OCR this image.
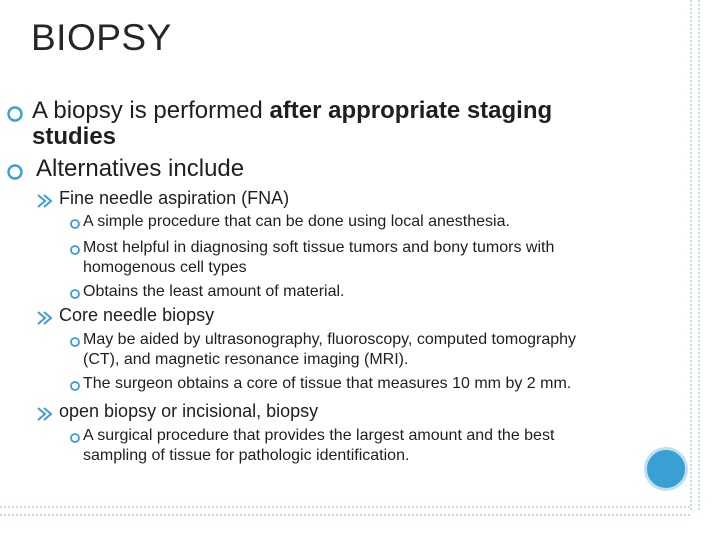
BIOPSY
A biopsy is performed after appropriate staging
studies
Alternatives include
Fine needle aspiration (FNA)
A simple procedure that can be done using local anesthesia.
Most helpful in diagnosing soft tissue tumors and bony tumors with
homogenous cell types
Obtains the least amount of material.
Core needle biopsy
May be aided by ultrasonography, fluoroscopy, computed tomography
(CT), and magnetic resonance imaging (MRI).
The surgeon obtains a core of tissue that measures 10 mm by 2 mm.
open biopsy or incisional, biopsy
A surgical procedure that provides the largest amount and the best
sampling of tissue for pathologic identification.
